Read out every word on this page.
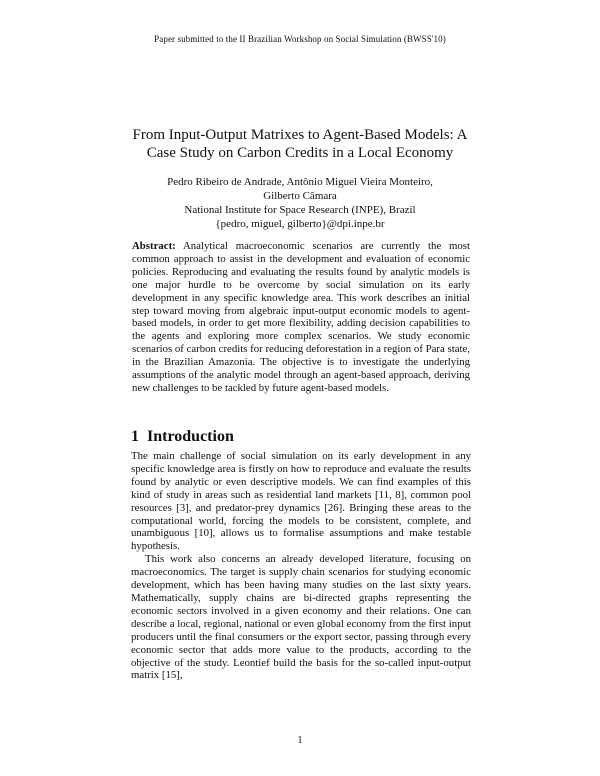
Paper submitted to the II Brazilian Workshop on Social Simulation (BWSS'10)
From Input-Output Matrixes to Agent-Based Models: A
Case Study on Carbon Credits in a Local Economy
Pedro Ribeiro de Andrade, Antônio Miguel Vieira Monteiro,
Gilberto Câmara
National Institute for Space Research (INPE), Brazil
{pedro, miguel, gilberto}@dpi.inpe.br

Abstract: Analytical macroeconomic scenarios are currently the most common approach to assist in the development and evaluation of economic policies. Reproducing and evaluating the results found by analytic models is one major hurdle to be overcome by social simulation on its early development in any specific knowledge area. This work describes an initial step toward moving from algebraic input-output economic models to agent-based models, in order to get more flexibility, adding decision capabilities to the agents and exploring more complex scenarios. We study economic scenarios of carbon credits for reducing deforestation in a region of Para state, in the Brazilian Amazonia. The objective is to investigate the underlying assumptions of the analytic model through an agent-based approach, deriving new challenges to be tackled by future agent-based models.

1 Introduction

The main challenge of social simulation on its early development in any specific knowledge area is firstly on how to reproduce and evaluate the results found by analytic or even descriptive models. We can find examples of this kind of study in areas such as residential land markets [11, 8], common pool resources [3], and predator-prey dynamics [26]. Bringing these areas to the computational world, forcing the models to be consistent, complete, and unambiguous [10], allows us to formalise assumptions and make testable hypothesis.

This work also concerns an already developed literature, focusing on macroeconomics. The target is supply chain scenarios for studying economic development, which has been having many studies on the last sixty years. Mathematically, supply chains are bi-directed graphs representing the economic sectors involved in a given economy and their relations. One can describe a local, regional, national or even global economy from the first input producers until the final consumers or the export sector, passing through every economic sector that adds more value to the products, according to the objective of the study. Leontief build the basis for the so-called input-output matrix [15],

1
